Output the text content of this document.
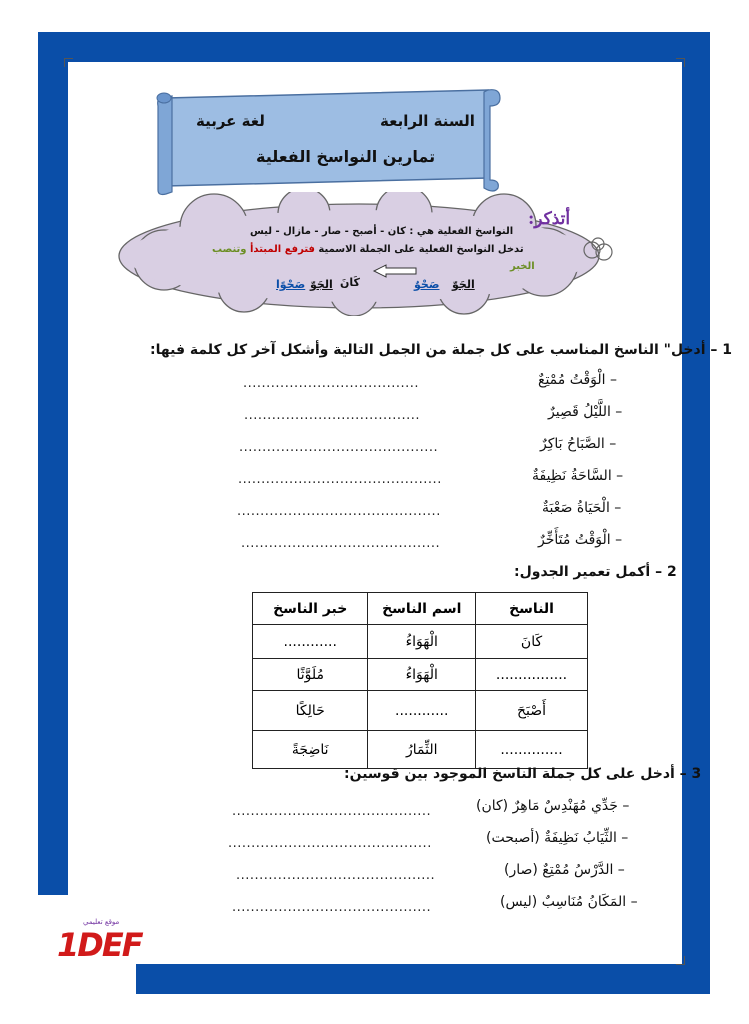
السنة الرابعة
لغة عربية
تمارين النواسخ الفعلية
أتذكر:
النواسخ الفعلية هي : كان - أصبح - صار - مازال - ليس
تدخل النواسخ الفعلية على الجملة الاسمية فترفع المبتدأ وتنصب
الخبر
الجَوّ
صَحْوٌ
كَانَ
الجَوّ
صَحْوًا
1 – أدخل" الناسخ المناسب على كل جملة من الجمل التالية وأشكل آخر كل كلمة فيها:
– الْوَقْتُ مُمْتِعٌ
......................................
– اللَّيْلُ قَصِيرٌ
......................................
– الصَّبَاحُ بَاكِرٌ
...........................................
– السَّاحَةُ نَظِيفَةٌ
............................................
– الْحَيَاةُ صَعْبَةٌ
............................................
– الْوَقْتُ مُتَأَخِّرٌ
...........................................
2 – أكمل تعمير الجدول:
الناسخ	اسم الناسخ	خبر الناسخ
كَانَ	الْهَوَاءُ	............
................	الْهَوَاءُ	مُلَوَّثًا
أَصْبَحَ	............	حَالِكًا
..............	الثِّمَارُ	نَاضِجَةً
3 – أدخل على كل جملة الناسخ الموجود بين قوسين:
– جَدِّي مُهَنْدِسٌ مَاهِرٌ (كان)
...........................................
– الثِّيَابُ نَظِيفَةٌ (أصبحت)
............................................
– الدَّرْسُ مُمْتِعٌ (صار)
...........................................
– المَكَانُ مُنَاسِبٌ (ليس)
...........................................
موقع تعليمي
1DEF
